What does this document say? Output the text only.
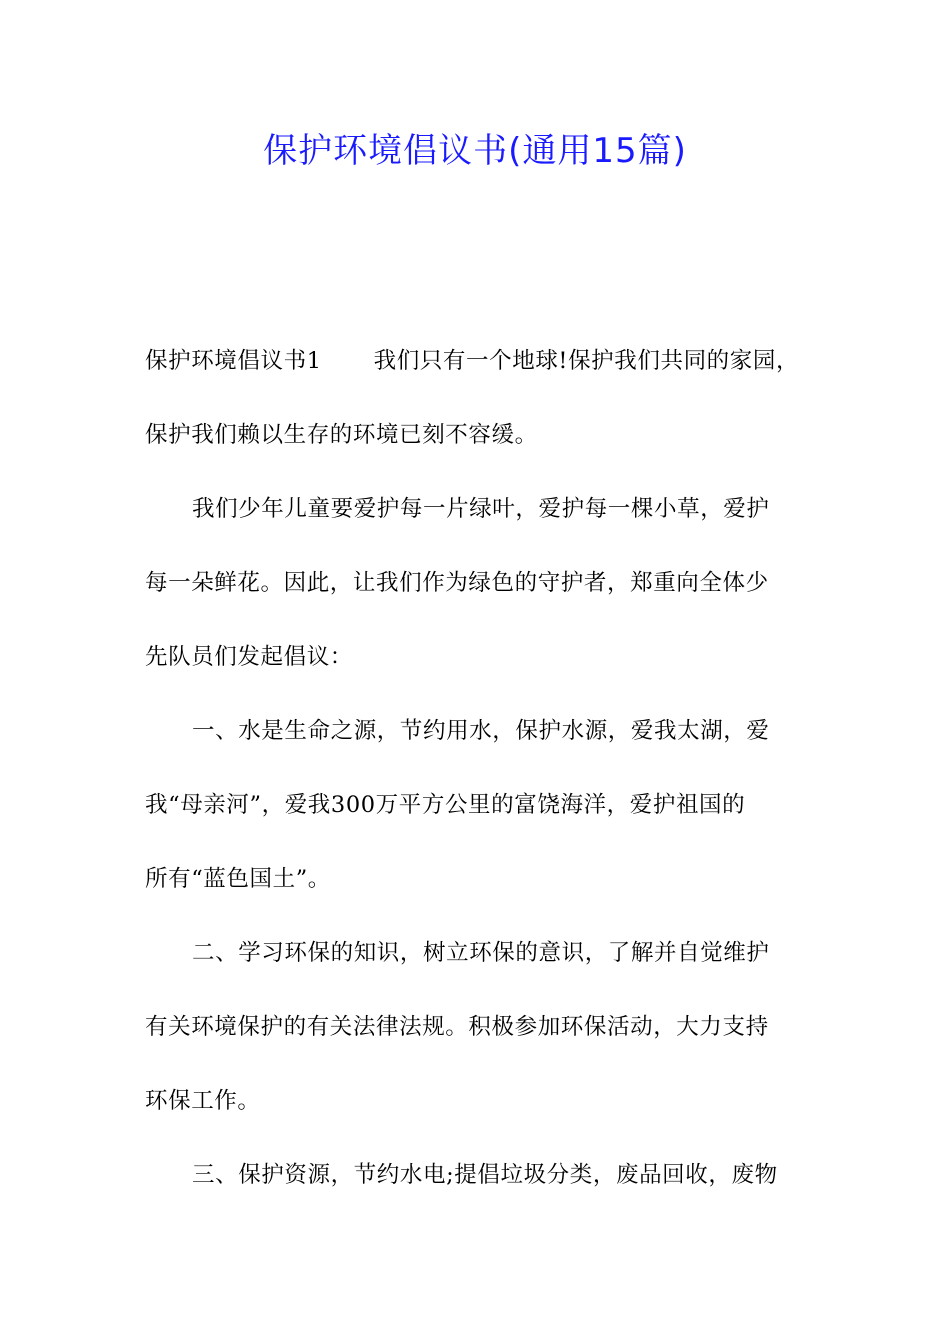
保护环境倡议书(通用15篇)
保护环境倡议书1 我们只有一个地球!保护我们共同的家园，
保护我们赖以生存的环境已刻不容缓。
我们少年儿童要爱护每一片绿叶，爱护每一棵小草，爱护
每一朵鲜花。因此，让我们作为绿色的守护者，郑重向全体少
先队员们发起倡议：
一、水是生命之源，节约用水，保护水源，爱我太湖，爱
我“母亲河”，爱我300万平方公里的富饶海洋，爱护祖国的
所有“蓝色国土”。
二、学习环保的知识，树立环保的意识，了解并自觉维护
有关环境保护的有关法律法规。积极参加环保活动，大力支持
环保工作。
三、保护资源，节约水电;提倡垃圾分类，废品回收，废物
